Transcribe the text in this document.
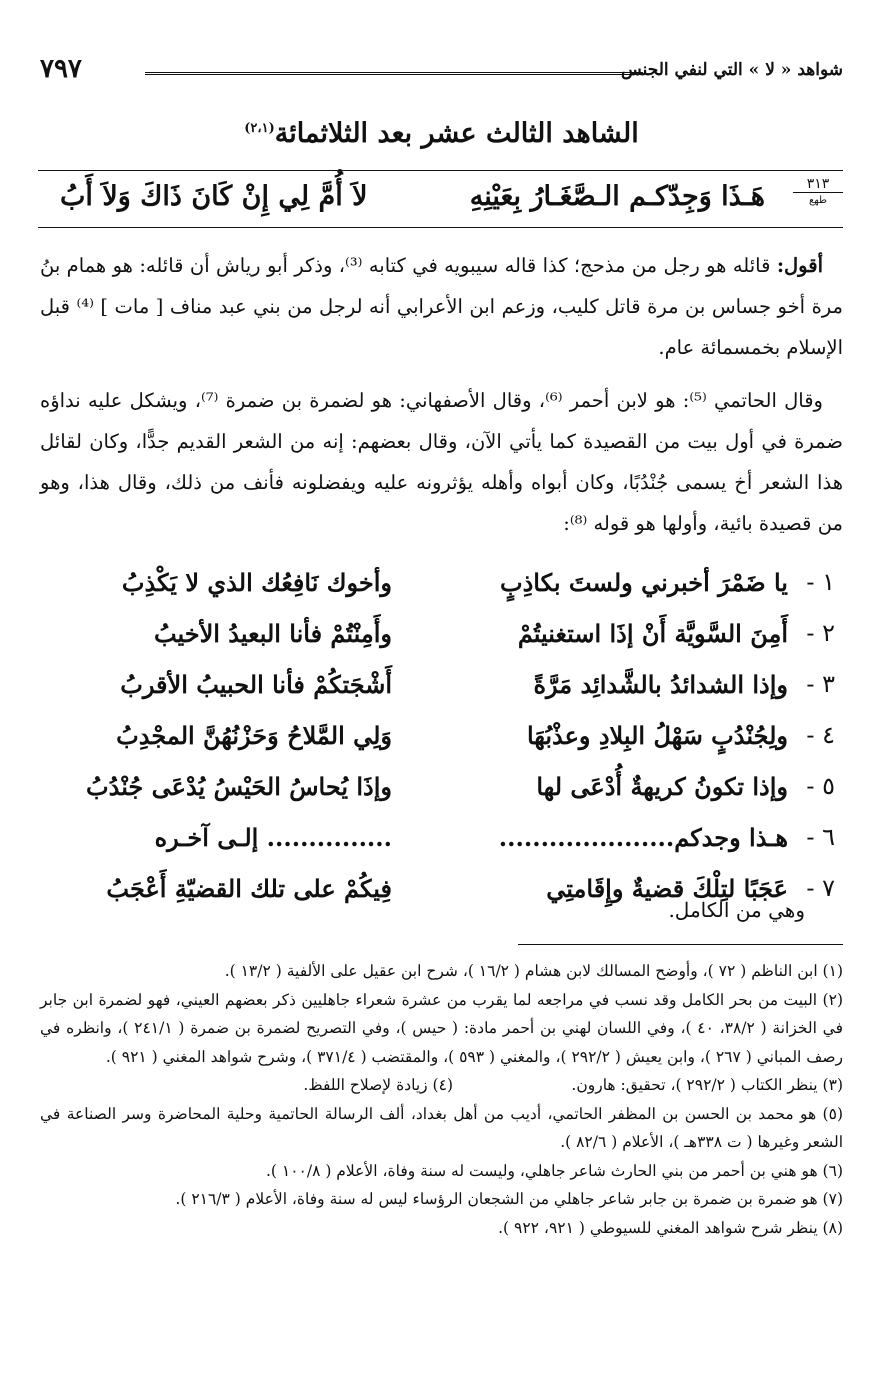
شواهد « لا » التي لنفي الجنس
٧٩٧
الشاهد الثالث عشر بعد الثلاثمائة$^{(٢،١)}$
٣١٣
طهع
هَـذَا وَجِدّكـم الـصَّغَـارُ بِعَيْنِهِ
لاَ أُمَّ لِي إِنْ كَانَ ذَاكَ وَلاَ أَبُ
أقول: قائله هو رجل من مذحج؛ كذا قاله سيبويه في كتابه ⁽³⁾، وذكر أبو رياش أن قائله: هو همام بنُ مرة أخو جساس بن مرة قاتل كليب، وزعم ابن الأعرابي أنه لرجل من بني عبد مناف [ مات ] ⁽⁴⁾ قبل الإسلام بخمسمائة عام.
وقال الحاتمي ⁽⁵⁾: هو لابن أحمر ⁽⁶⁾، وقال الأصفهاني: هو لضمرة بن ضمرة ⁽⁷⁾، ويشكل عليه نداؤه ضمرة في أول بيت من القصيدة كما يأتي الآن، وقال بعضهم: إنه من الشعر القديم جدًّا، وكان لقائل هذا الشعر أخ يسمى جُنْدُبًا، وكان أبواه وأهله يؤثرونه عليه ويفضلونه فأنف من ذلك، وقال هذا، وهو من قصيدة بائية، وأولها هو قوله ⁽⁸⁾:
١ -
يا ضَمْرَ أخبرني ولستَ بكاذِبٍ
وأخوك نَافِعُك الذي لا يَكْذِبُ
٢ -
أَمِنَ السَّويَّة أَنْ إذَا استغنيتُمْ
وأَمِنْتُمْ فأنا البعيدُ الأخيبُ
٣ -
وإذا الشدائدُ بالشَّدائِد مَرَّةً
أَشْجَتكُمْ فأنا الحبيبُ الأقربُ
٤ -
ولِجُنْدُبٍ سَهْلُ البِلادِ وعذْبُهَا
وَلِي المَّلاحُ وَحَزْنُهُنَّ المجْدِبُ
٥ -
وإذا تكونُ كريهةٌ أُدْعَى لها
وإذَا يُحاسُ الحَيْسُ يُدْعَى جُنْدُبُ
٦ -
هـذا وجدكم.....................
............... إلـى آخـره
٧ -
عَجَبًا لتِلْكَ قضيةٌ وإِقَامتِي
فِيكُمْ على تلك القضيّةِ أَعْجَبُ
وهي من الكامل.
(١) ابن الناظم ( ٧٢ )، وأوضح المسالك لابن هشام ( ١٦/٢ )، شرح ابن عقيل على الألفية ( ١٣/٢ ).
(٢) البيت من بحر الكامل وقد نسب في مراجعه لما يقرب من عشرة شعراء جاهليين ذكر بعضهم العيني، فهو لضمرة ابن جابر في الخزانة ( ٣٨/٢، ٤٠ )، وفي اللسان لهني بن أحمر مادة: ( حيس )، وفي التصريح لضمرة بن ضمرة ( ٢٤١/١ )، وانظره في رصف المباني ( ٢٦٧ )، وابن يعيش ( ٢٩٢/٢ )، والمغني ( ٥٩٣ )، والمقتضب ( ٣٧١/٤ )، وشرح شواهد المغني ( ٩٢١ ).
(٣) ينظر الكتاب ( ٢٩٢/٢ )، تحقيق: هارون.
(٤) زيادة لإصلاح اللفظ.
(٥) هو محمد بن الحسن بن المظفر الحاتمي، أديب من أهل بغداد، ألف الرسالة الحاتمية وحلية المحاضرة وسر الصناعة في الشعر وغيرها ( ت ٣٣٨هـ )، الأعلام ( ٨٢/٦ ).
(٦) هو هني بن أحمر من بني الحارث شاعر جاهلي، وليست له سنة وفاة، الأعلام ( ١٠٠/٨ ).
(٧) هو ضمرة بن ضمرة بن جابر شاعر جاهلي من الشجعان الرؤساء ليس له سنة وفاة، الأعلام ( ٢١٦/٣ ).
(٨) ينظر شرح شواهد المغني للسيوطي ( ٩٢١، ٩٢٢ ).
